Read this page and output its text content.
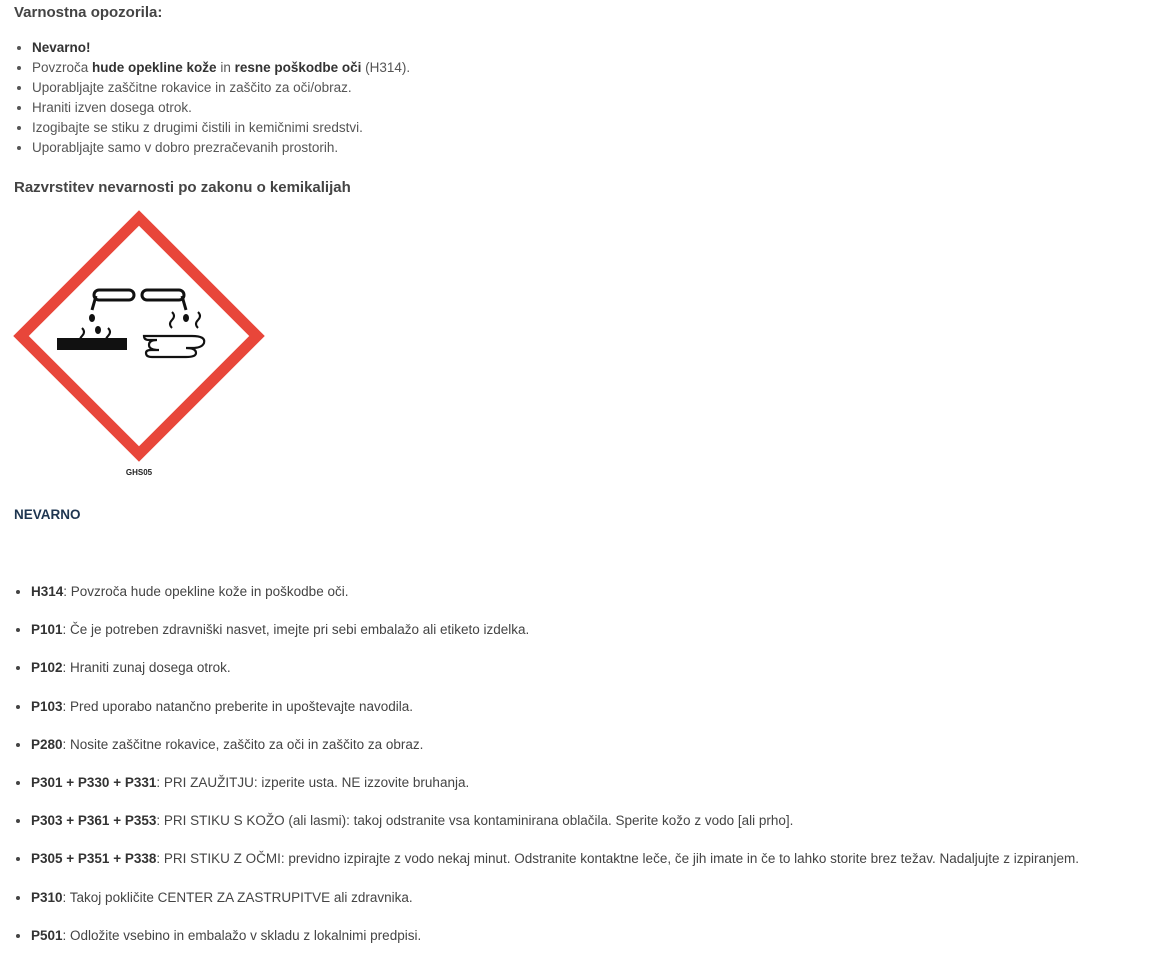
Varnostna opozorila:
• Nevarno!
• Povzroča hude opekline kože in resne poškodbe oči (H314).
• Uporabljajte zaščitne rokavice in zaščito za oči/obraz.
• Hraniti izven dosega otrok.
• Izogibajte se stiku z drugimi čistili in kemičnimi sredstvi.
• Uporabljajte samo v dobro prezračevanih prostorih.
Razvrstitev nevarnosti po zakonu o kemikalijah
GHS05

NEVARNO

• H314: Povzroča hude opekline kože in poškodbe oči.
• P101: Če je potreben zdravniški nasvet, imejte pri sebi embalažo ali etiketo izdelka.
• P102: Hraniti zunaj dosega otrok.
• P103: Pred uporabo natančno preberite in upoštevajte navodila.
• P280: Nosite zaščitne rokavice, zaščito za oči in zaščito za obraz.
• P301 + P330 + P331: PRI ZAUŽITJU: izperite usta. NE izzovite bruhanja.
• P303 + P361 + P353: PRI STIKU S KOŽO (ali lasmi): takoj odstranite vsa kontaminirana oblačila. Sperite kožo z vodo [ali prho].
• P305 + P351 + P338: PRI STIKU Z OČMI: previdno izpirajte z vodo nekaj minut. Odstranite kontaktne leče, če jih imate in če to lahko storite brez težav. Nadaljujte z izpiranjem.
• P310: Takoj pokličite CENTER ZA ZASTRUPITVE ali zdravnika.
• P501: Odložite vsebino in embalažo v skladu z lokalnimi predpisi.
